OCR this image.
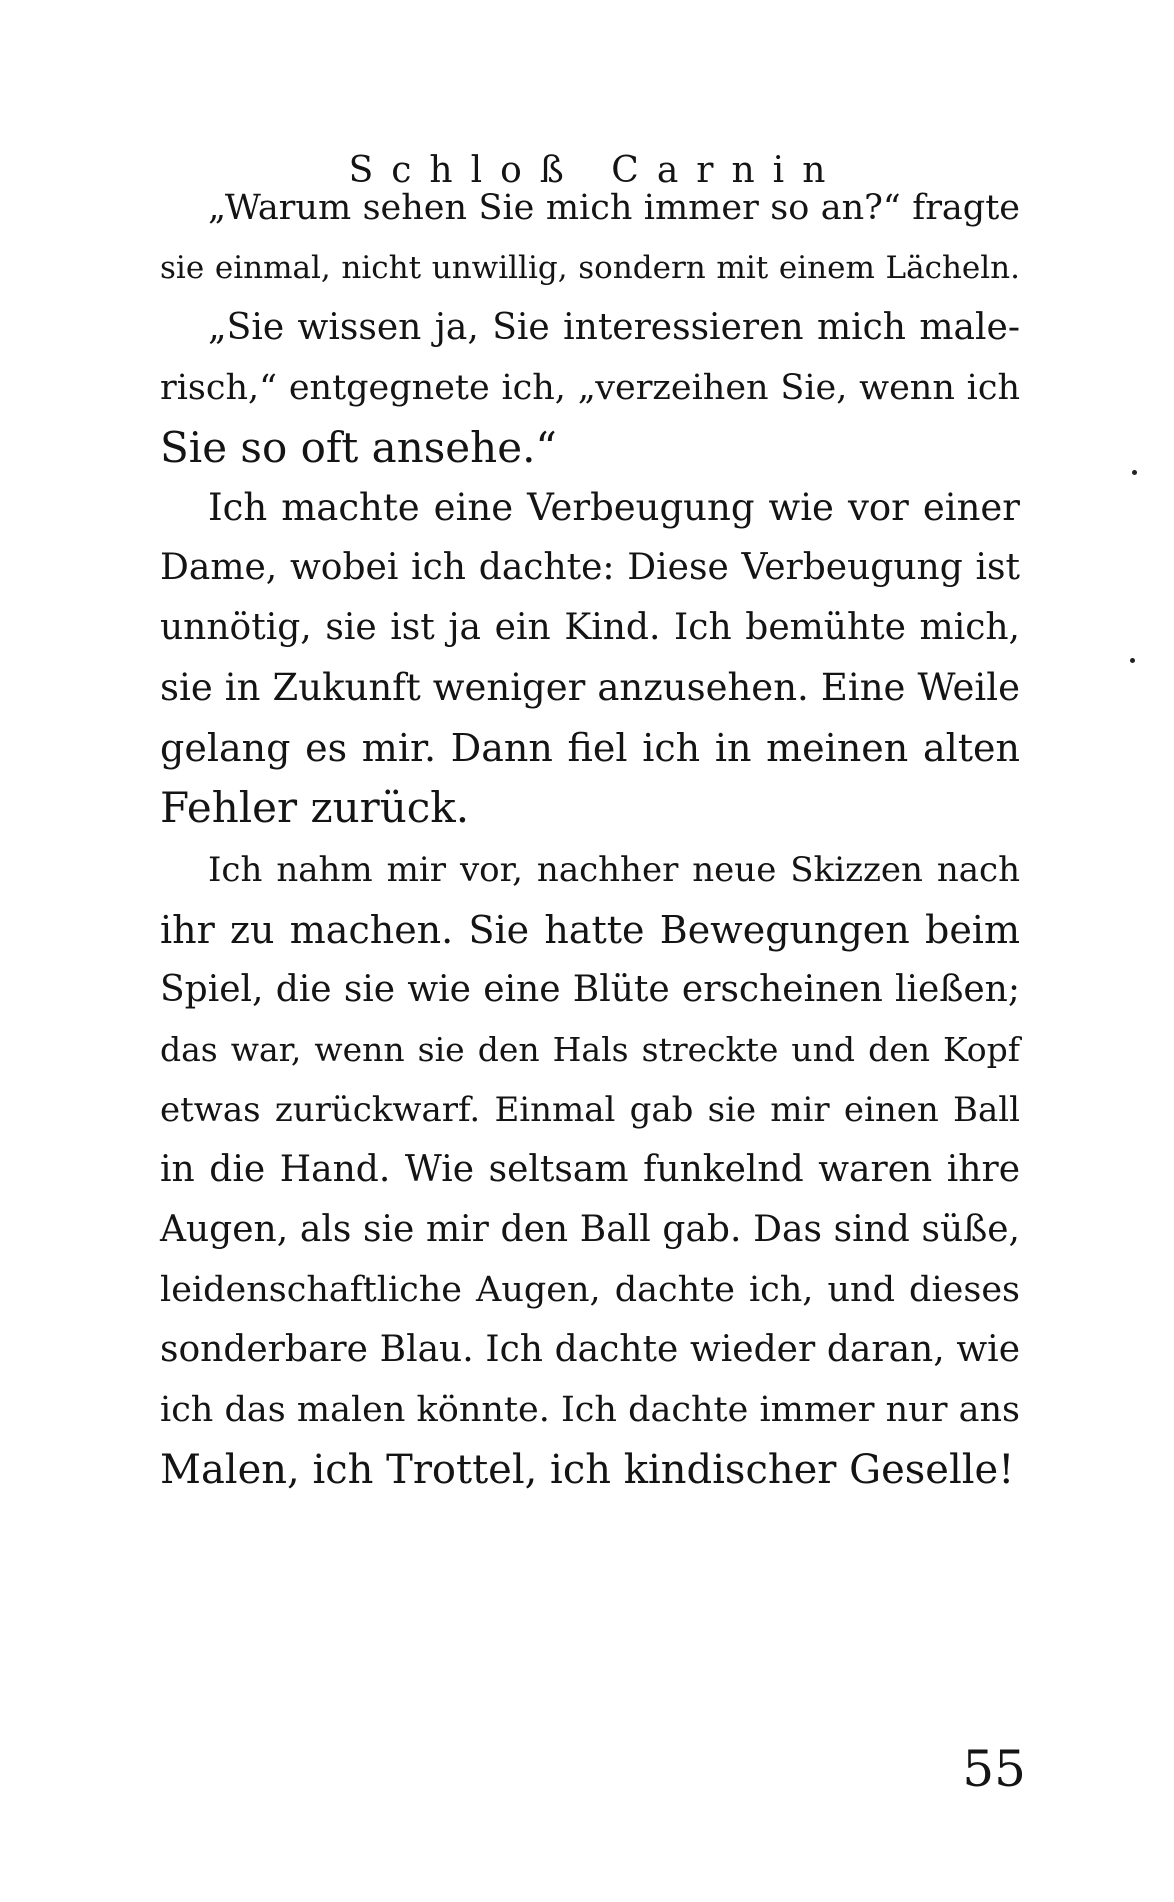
Schloß Carnin
„Warum sehen Sie mich immer so an?“ fragte
sie einmal, nicht unwillig, sondern mit einem Lächeln.
„Sie wissen ja, Sie interessieren mich male-
risch,“ entgegnete ich, „verzeihen Sie, wenn ich
Sie so oft ansehe.“
Ich machte eine Verbeugung wie vor einer
Dame, wobei ich dachte: Diese Verbeugung ist
unnötig, sie ist ja ein Kind. Ich bemühte mich,
sie in Zukunft weniger anzusehen. Eine Weile
gelang es mir. Dann fiel ich in meinen alten
Fehler zurück.
Ich nahm mir vor, nachher neue Skizzen nach
ihr zu machen. Sie hatte Bewegungen beim
Spiel, die sie wie eine Blüte erscheinen ließen;
das war, wenn sie den Hals streckte und den Kopf
etwas zurückwarf. Einmal gab sie mir einen Ball
in die Hand. Wie seltsam funkelnd waren ihre
Augen, als sie mir den Ball gab. Das sind süße,
leidenschaftliche Augen, dachte ich, und dieses
sonderbare Blau. Ich dachte wieder daran, wie
ich das malen könnte. Ich dachte immer nur ans
Malen, ich Trottel, ich kindischer Geselle!
55
